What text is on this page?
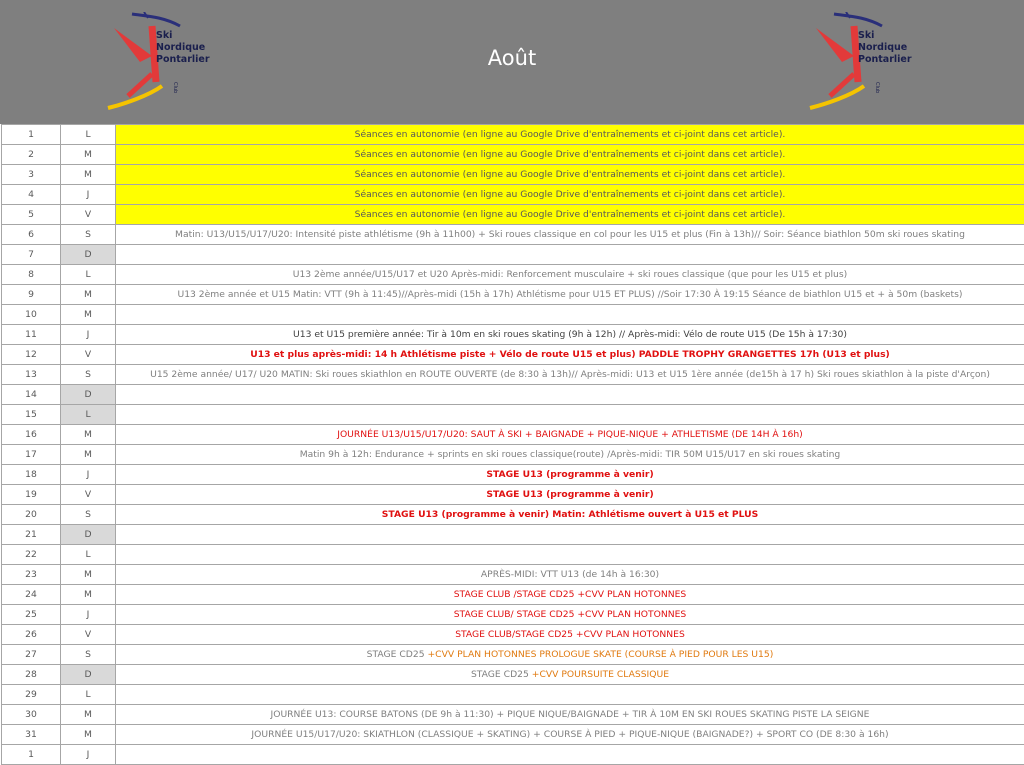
Ski
Nordique
Pontarlier
Club
Août
Ski
Nordique
Pontarlier
Club
1	L	Séances en autonomie (en ligne au Google Drive d'entraînements et ci-joint dans cet article).
2	M	Séances en autonomie (en ligne au Google Drive d'entraînements et ci-joint dans cet article).
3	M	Séances en autonomie (en ligne au Google Drive d'entraînements et ci-joint dans cet article).
4	J	Séances en autonomie (en ligne au Google Drive d'entraînements et ci-joint dans cet article).
5	V	Séances en autonomie (en ligne au Google Drive d'entraînements et ci-joint dans cet article).
6	S	Matin: U13/U15/U17/U20: Intensité piste athlétisme (9h à 11h00) + Ski roues classique en col pour les U15 et plus (Fin à 13h)// Soir: Séance biathlon 50m ski roues skating
7	D	
8	L	U13 2ème année/U15/U17 et U20 Après-midi: Renforcement musculaire + ski roues classique (que pour les U15 et plus)
9	M	U13 2ème année et U15 Matin: VTT (9h à 11:45)//Après-midi (15h à 17h) Athlétisme pour U15 ET PLUS) //Soir 17:30 À 19:15 Séance de biathlon U15 et + à 50m (baskets)
10	M	
11	J	U13 et U15 première année: Tir à 10m en ski roues skating (9h à 12h) // Après-midi: Vélo de route U15 (De 15h à 17:30)
12	V	U13 et plus après-midi: 14 h Athlétisme piste + Vélo de route U15 et plus) PADDLE TROPHY GRANGETTES 17h (U13 et plus)
13	S	U15 2ème année/ U17/ U20 MATIN: Ski roues skiathlon en ROUTE OUVERTE (de 8:30 à 13h)// Après-midi: U13 et U15 1ère année (de15h à 17 h) Ski roues skiathlon à la piste d'Arçon)
14	D	
15	L	
16	M	JOURNÉE U13/U15/U17/U20: SAUT À SKI + BAIGNADE + PIQUE-NIQUE + ATHLETISME (DE 14H À 16h)
17	M	Matin 9h à 12h: Endurance + sprints en ski roues classique(route) /Après-midi: TIR 50M U15/U17 en ski roues skating
18	J	STAGE U13 (programme à venir)
19	V	STAGE U13 (programme à venir)
20	S	STAGE U13 (programme à venir) Matin: Athlétisme ouvert à U15 et PLUS
21	D	
22	L	
23	M	APRÈS-MIDI: VTT U13 (de 14h à 16:30)
24	M	STAGE CLUB /STAGE CD25 +CVV PLAN HOTONNES
25	J	STAGE CLUB/ STAGE CD25 +CVV PLAN HOTONNES
26	V	STAGE CLUB/STAGE CD25 +CVV PLAN HOTONNES
27	S	STAGE CD25 +CVV PLAN HOTONNES PROLOGUE SKATE (COURSE À PIED POUR LES U15)
28	D	STAGE CD25 +CVV POURSUITE CLASSIQUE
29	L	
30	M	JOURNÉE U13: COURSE BATONS (DE 9h à 11:30) + PIQUE NIQUE/BAIGNADE + TIR À 10M EN SKI ROUES SKATING PISTE LA SEIGNE
31	M	JOURNÉE U15/U17/U20: SKIATHLON (CLASSIQUE + SKATING) + COURSE À PIED + PIQUE-NIQUE (BAIGNADE?) + SPORT CO (DE 8:30 à 16h)
1	J	
